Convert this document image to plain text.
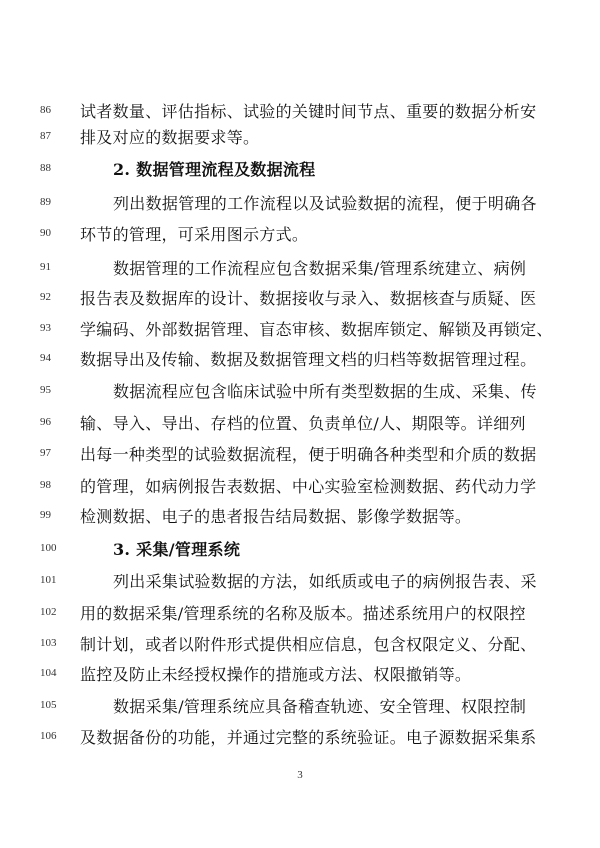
86	试者数量、评估指标、试验的关键时间节点、重要的数据分析安
87	排及对应的数据要求等。
88	2. 数据管理流程及数据流程
89	列出数据管理的工作流程以及试验数据的流程，便于明确各
90	环节的管理，可采用图示方式。
91	数据管理的工作流程应包含数据采集/管理系统建立、病例
92	报告表及数据库的设计、数据接收与录入、数据核查与质疑、医
93	学编码、外部数据管理、盲态审核、数据库锁定、解锁及再锁定、
94	数据导出及传输、数据及数据管理文档的归档等数据管理过程。
95	数据流程应包含临床试验中所有类型数据的生成、采集、传
96	输、导入、导出、存档的位置、负责单位/人、期限等。详细列
97	出每一种类型的试验数据流程，便于明确各种类型和介质的数据
98	的管理，如病例报告表数据、中心实验室检测数据、药代动力学
99	检测数据、电子的患者报告结局数据、影像学数据等。
100	3. 采集/管理系统
101	列出采集试验数据的方法，如纸质或电子的病例报告表、采
102	用的数据采集/管理系统的名称及版本。描述系统用户的权限控
103	制计划，或者以附件形式提供相应信息，包含权限定义、分配、
104	监控及防止未经授权操作的措施或方法、权限撤销等。
105	数据采集/管理系统应具备稽查轨迹、安全管理、权限控制
106	及数据备份的功能，并通过完整的系统验证。电子源数据采集系
3
